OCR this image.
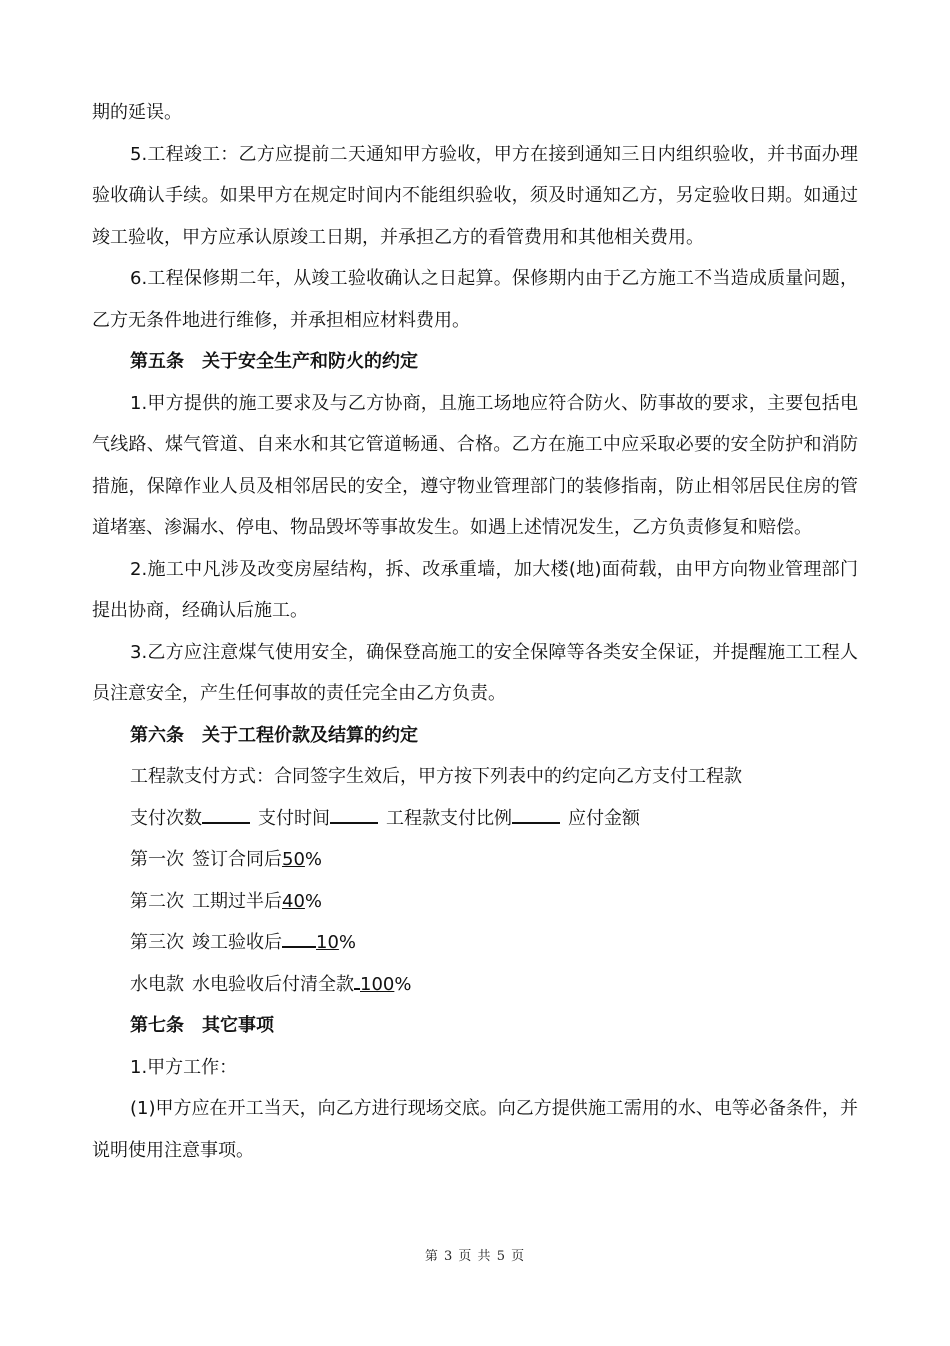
期的延误。

5.工程竣工：乙方应提前二天通知甲方验收，甲方在接到通知三日内组织验收，并书面办理验收确认手续。如果甲方在规定时间内不能组织验收，须及时通知乙方，另定验收日期。如通过竣工验收，甲方应承认原竣工日期，并承担乙方的看管费用和其他相关费用。

6.工程保修期二年，从竣工验收确认之日起算。保修期内由于乙方施工不当造成质量问题，乙方无条件地进行维修，并承担相应材料费用。

第五条　关于安全生产和防火的约定

1.甲方提供的施工要求及与乙方协商，且施工场地应符合防火、防事故的要求，主要包括电气线路、煤气管道、自来水和其它管道畅通、合格。乙方在施工中应采取必要的安全防护和消防措施，保障作业人员及相邻居民的安全，遵守物业管理部门的装修指南，防止相邻居民住房的管道堵塞、渗漏水、停电、物品毁坏等事故发生。如遇上述情况发生，乙方负责修复和赔偿。

2.施工中凡涉及改变房屋结构，拆、改承重墙，加大楼(地)面荷载，由甲方向物业管理部门提出协商，经确认后施工。

3.乙方应注意煤气使用安全，确保登高施工的安全保障等各类安全保证，并提醒施工工程人员注意安全，产生任何事故的责任完全由乙方负责。

第六条　关于工程价款及结算的约定

工程款支付方式：合同签字生效后，甲方按下列表中的约定向乙方支付工程款

支付次数	支付时间	工程款支付比例	应付金额

第一次 签订合同后50%

第二次 工期过半后40%

第三次 竣工验收后 10%

水电款 水电验收后付清全款 100%

第七条　其它事项

1.甲方工作：

(1)甲方应在开工当天，向乙方进行现场交底。向乙方提供施工需用的水、电等必备条件，并说明使用注意事项。

第 3 页 共 5 页
